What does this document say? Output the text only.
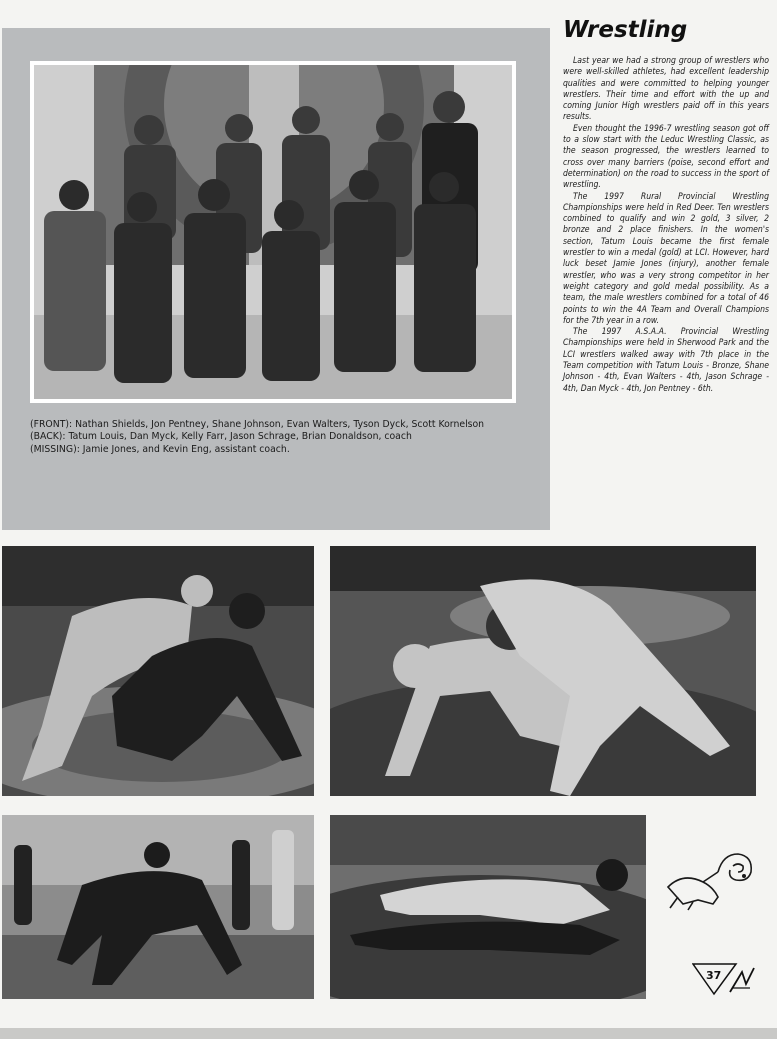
(FRONT): Nathan Shields, Jon Pentney, Shane Johnson, Evan Walters, Tyson Dyck, Scott Kornelson
(BACK): Tatum Louis, Dan Myck, Kelly Farr, Jason Schrage, Brian Donaldson, coach
(MISSING): Jamie Jones, and Kevin Eng, assistant coach.
Wrestling

Last year we had a strong group of wrestlers who were well-skilled athletes, had excellent leadership qualities and were committed to helping younger wrestlers. Their time and effort with the up and coming Junior High wrestlers paid off in this years results.

Even thought the 1996-7 wrestling season got off to a slow start with the Leduc Wrestling Classic, as the season progressed, the wrestlers learned to cross over many barriers (poise, second effort and determination) on the road to success in the sport of wrestling.

The 1997 Rural Provincial Wrestling Championships were held in Red Deer. Ten wrestlers combined to qualify and win 2 gold, 3 silver, 2 bronze and 2 place finishers. In the women's section, Tatum Louis became the first female wrestler to win a medal (gold) at LCI. However, hard luck beset Jamie Jones (injury), another female wrestler, who was a very strong competitor in her weight category and gold medal possibility. As a team, the male wrestlers combined for a total of 46 points to win the 4A Team and Overall Champions for the 7th year in a row.

The 1997 A.S.A.A. Provincial Wrestling Championships were held in Sherwood Park and the LCI wrestlers walked away with 7th place in the Team competition with Tatum Louis - Bronze, Shane Johnson - 4th, Evan Walters - 4th, Jason Schrage - 4th, Dan Myck - 4th, Jon Pentney - 6th.

37
